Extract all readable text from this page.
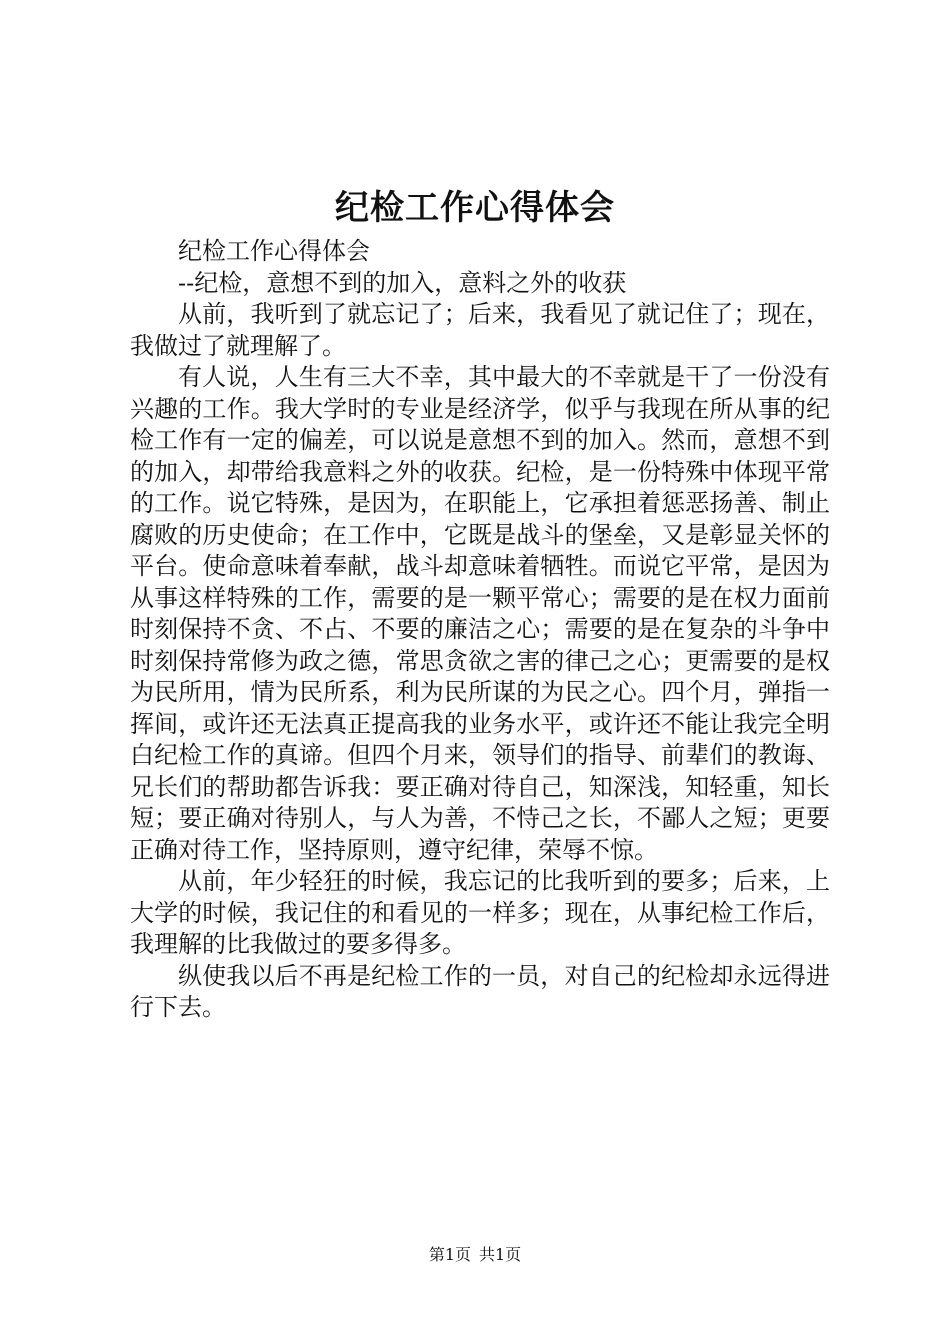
纪检工作心得体会

纪检工作心得体会

--纪检，意想不到的加入，意料之外的收获

从前，我听到了就忘记了；后来，我看见了就记住了；现在，我做过了就理解了。

有人说，人生有三大不幸，其中最大的不幸就是干了一份没有兴趣的工作。我大学时的专业是经济学，似乎与我现在所从事的纪检工作有一定的偏差，可以说是意想不到的加入。然而，意想不到的加入，却带给我意料之外的收获。纪检，是一份特殊中体现平常的工作。说它特殊，是因为，在职能上，它承担着惩恶扬善、制止腐败的历史使命；在工作中，它既是战斗的堡垒，又是彰显关怀的平台。使命意味着奉献，战斗却意味着牺牲。而说它平常，是因为从事这样特殊的工作，需要的是一颗平常心；需要的是在权力面前时刻保持不贪、不占、不要的廉洁之心；需要的是在复杂的斗争中时刻保持常修为政之德，常思贪欲之害的律己之心；更需要的是权为民所用，情为民所系，利为民所谋的为民之心。四个月，弹指一挥间，或许还无法真正提高我的业务水平，或许还不能让我完全明白纪检工作的真谛。但四个月来，领导们的指导、前辈们的教诲、兄长们的帮助都告诉我：要正确对待自己，知深浅，知轻重，知长短；要正确对待别人，与人为善，不恃己之长，不鄙人之短；更要正确对待工作，坚持原则，遵守纪律，荣辱不惊。

从前，年少轻狂的时候，我忘记的比我听到的要多；后来，上大学的时候，我记住的和看见的一样多；现在，从事纪检工作后，我理解的比我做过的要多得多。

纵使我以后不再是纪检工作的一员，对自己的纪检却永远得进行下去。

第1页 共1页
